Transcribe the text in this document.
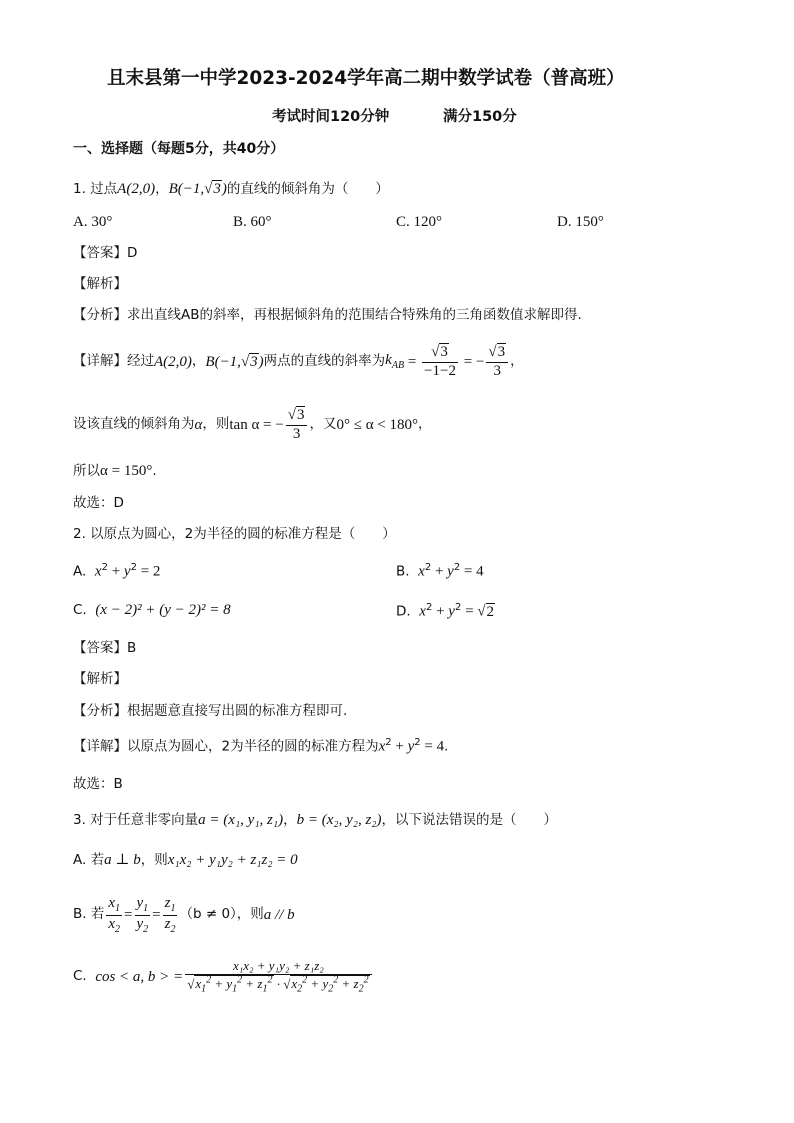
且末县第一中学2023-2024学年高二期中数学试卷（普高班）
考试时间120分钟	满分150分
一、选择题（每题5分，共40分）
1. 过点A(2,0)，B(−1,√3)的直线的倾斜角为（　　）
A. 30°	B. 60°	C. 120°	D. 150°
【答案】D
【解析】
【分析】求出直线AB的斜率，再根据倾斜角的范围结合特殊角的三角函数值求解即得.
【详解】经过 A(2,0) ， B(−1,√3) 两点的直线的斜率为 $k_{AB} = \frac{√3}{-1-2}$ = − $\frac{√3}{3}$ ，
设该直线的倾斜角为 α ，则 tan α = − $\frac{√3}{3}$ ，又 0° ≤ α < 180° ，
所以α = 150°.
故选：D
2. 以原点为圆心，2为半径的圆的标准方程是（　　）
A. $x^2 + y^2 = 2$	B. $x^2 + y^2 = 4$
C. (x − 2)² + (y − 2)² = 8	D. $x^2 + y^2 = √2$
【答案】B
【解析】
【分析】根据题意直接写出圆的标准方程即可.
【详解】以原点为圆心，2为半径的圆的标准方程为$x^2 + y^2 = 4$.
故选：B
3. 对于任意非零向量a = (x₁, y₁, z₁)，b = (x₂, y₂, z₂)，以下说法错误的是（　　）
A. 若a ⊥ b，则x₁x₂ + y₁y₂ + z₁z₂ = 0
B. 若 $\frac{x_1}{x_2} = \frac{y_1}{y_2} = \frac{z_1}{z_2} (b \ne 0)$，则 a // b
C.
cos < a, b > = $\frac{\text{x₁x₂ + y₁y₂ + z₁z₂}}{√x_1^2 + y_1^2 + z_1^2 \cdot √x_2^2 + y_2^2 + z_2^2}$
